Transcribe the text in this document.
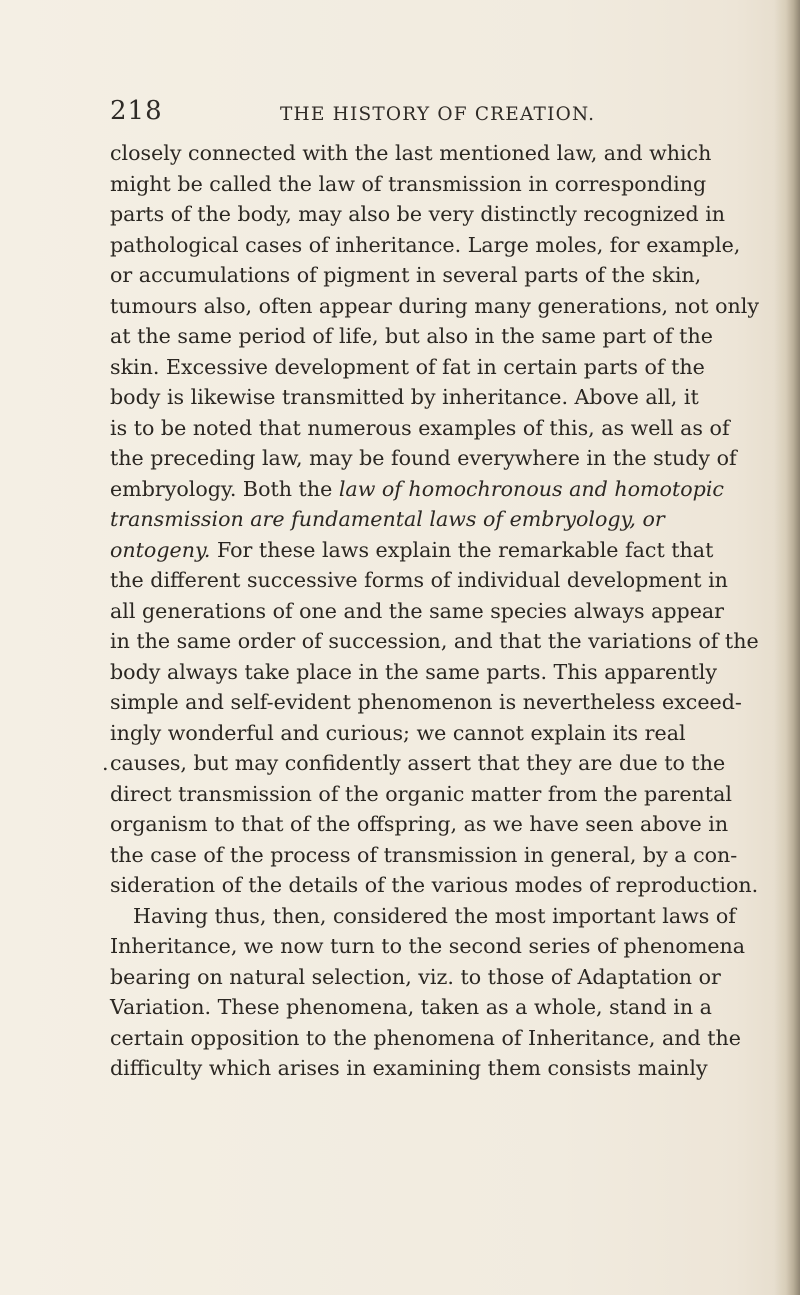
218	THE HISTORY OF CREATION.
closely connected with the last mentioned law, and which
might be called the law of transmission in corresponding
parts of the body, may also be very distinctly recognized in
pathological cases of inheritance. Large moles, for example,
or accumulations of pigment in several parts of the skin,
tumours also, often appear during many generations, not only
at the same period of life, but also in the same part of the
skin. Excessive development of fat in certain parts of the
body is likewise transmitted by inheritance. Above all, it
is to be noted that numerous examples of this, as well as of
the preceding law, may be found everywhere in the study of
embryology. Both the law of homochronous and homotopic
transmission are fundamental laws of embryology, or
ontogeny. For these laws explain the remarkable fact that
the different successive forms of individual development in
all generations of one and the same species always appear
in the same order of succession, and that the variations of the
body always take place in the same parts. This apparently
simple and self-evident phenomenon is nevertheless exceed-
ingly wonderful and curious; we cannot explain its real
. causes, but may confidently assert that they are due to the
direct transmission of the organic matter from the parental
organism to that of the offspring, as we have seen above in
the case of the process of transmission in general, by a con-
sideration of the details of the various modes of reproduction.
Having thus, then, considered the most important laws of
Inheritance, we now turn to the second series of phenomena
bearing on natural selection, viz. to those of Adaptation or
Variation. These phenomena, taken as a whole, stand in a
certain opposition to the phenomena of Inheritance, and the
difficulty which arises in examining them consists mainly
